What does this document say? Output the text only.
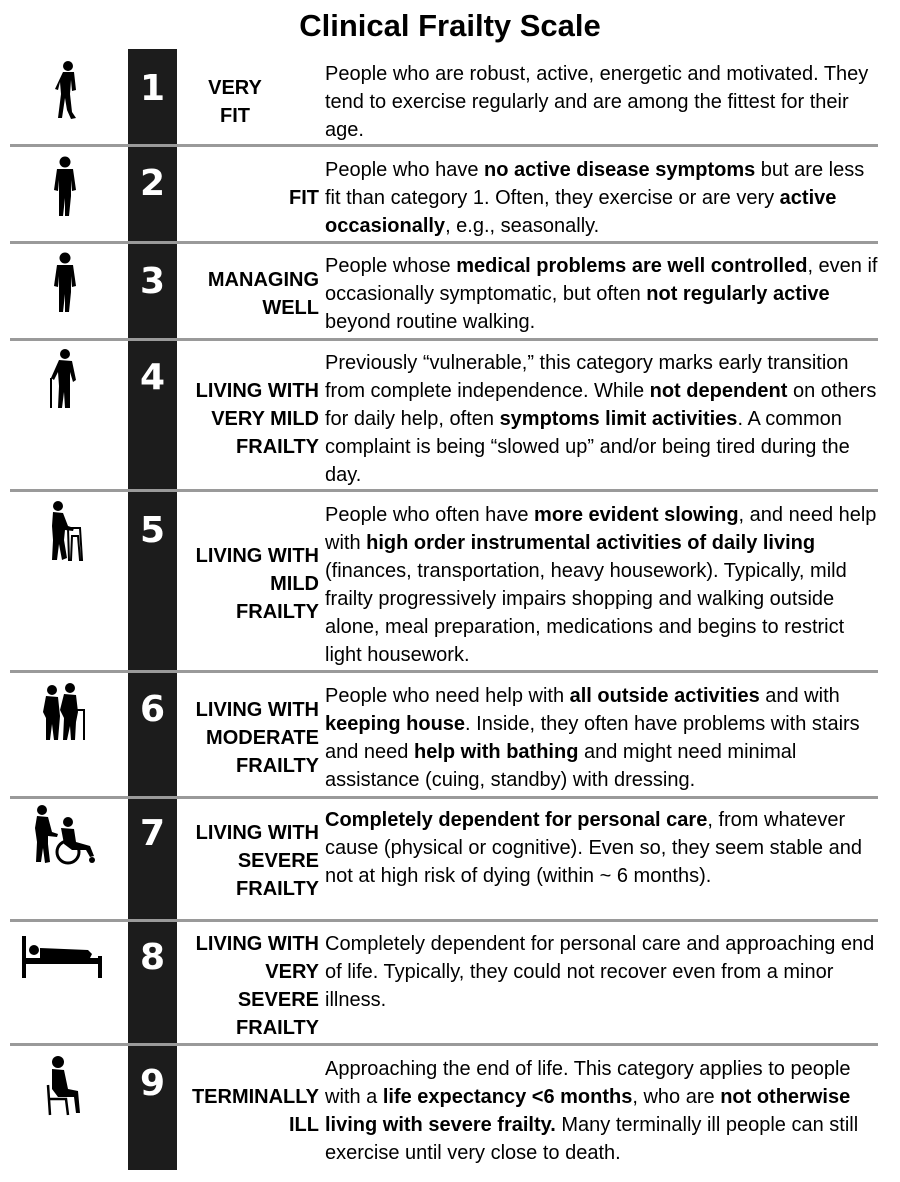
Clinical Frailty Scale
1	VERY
FIT
People who are robust, active, energetic and motivated. They tend to exercise regularly and are among the fittest for their age.
2	FIT
People who have no active disease symptoms but are less fit than category 1. Often, they exercise or are very active occasionally, e.g., seasonally.
3	MANAGING
WELL
People whose medical problems are well controlled, even if occasionally symptomatic, but often not regularly active beyond routine walking.
4	LIVING WITH
VERY MILD
FRAILTY
Previously “vulnerable,” this category marks early transition from complete independence. While not dependent on others for daily help, often symptoms limit activities. A common complaint is being “slowed up” and/or being tired during the day.
5
LIVING WITH
MILD
FRAILTY
People who often have more evident slowing, and need help with high order instrumental activities of daily living (finances, transportation, heavy housework). Typically, mild frailty progressively impairs shopping and walking outside alone, meal preparation, medications and begins to restrict light housework.
6	LIVING WITH
MODERATE
FRAILTY
People who need help with all outside activities and with keeping house. Inside, they often have problems with stairs and need help with bathing and might need minimal assistance (cuing, standby) with dressing.
7	LIVING WITH
SEVERE
FRAILTY
Completely dependent for personal care, from whatever cause (physical or cognitive). Even so, they seem stable and not at high risk of dying (within ~ 6 months).
8	LIVING WITH
VERY
SEVERE
FRAILTY
Completely dependent for personal care and approaching end of life. Typically, they could not recover even from a minor illness.
9	TERMINALLY
ILL
Approaching the end of life. This category applies to people with a life expectancy <6 months, who are not otherwise living with severe frailty. Many terminally ill people can still exercise until very close to death.
